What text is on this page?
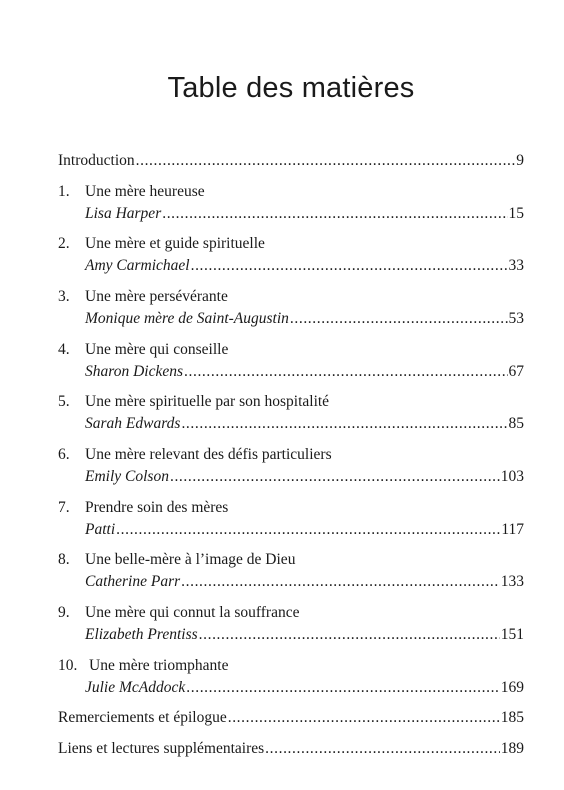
Table des matières
Introduction .....	9
1. Une mère heureuse
Lisa Harper .....	15
2. Une mère et guide spirituelle
Amy Carmichael .....	33
3. Une mère persévérante
Monique mère de Saint-Augustin .....	53
4. Une mère qui conseille
Sharon Dickens .....	67
5. Une mère spirituelle par son hospitalité
Sarah Edwards .....	85
6. Une mère relevant des défis particuliers
Emily Colson .....	103
7. Prendre soin des mères
Patti .....	117
8. Une belle-mère à l’image de Dieu
Catherine Parr .....	133
9. Une mère qui connut la souffrance
Elizabeth Prentiss .....	151
10. Une mère triomphante
Julie McAddock .....	169
Remerciements et épilogue .....	185
Liens et lectures supplémentaires .....	189
